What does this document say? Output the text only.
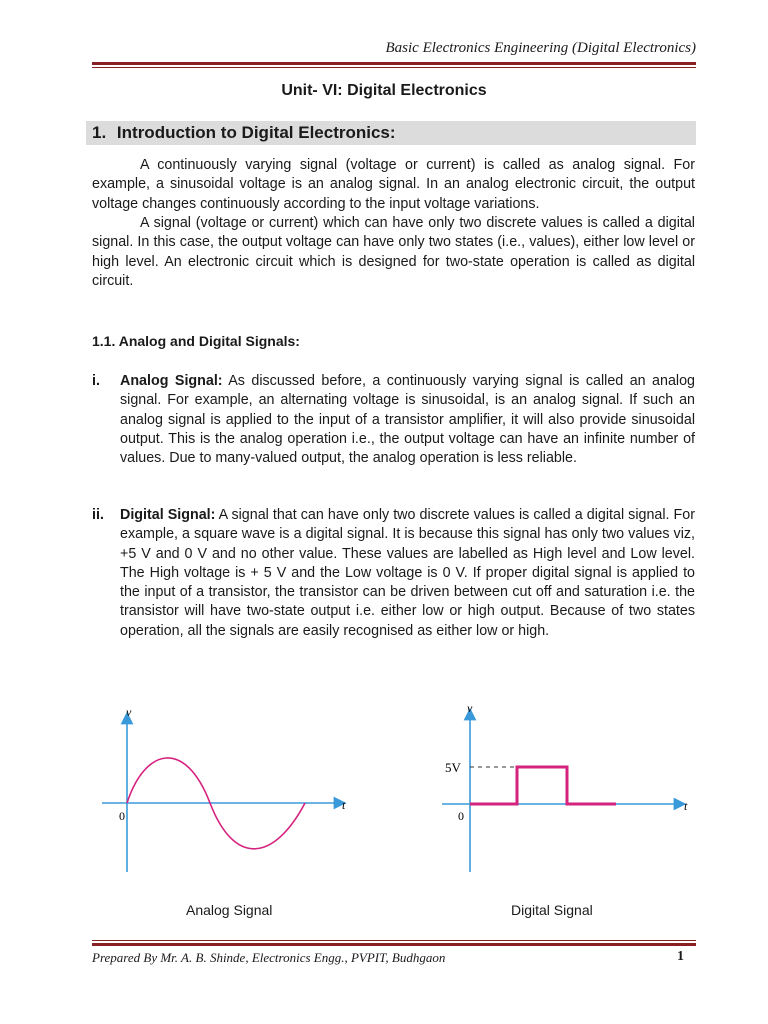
Basic Electronics Engineering (Digital Electronics)
Unit- VI: Digital Electronics
1. Introduction to Digital Electronics:

A continuously varying signal (voltage or current) is called as analog signal. For example, a sinusoidal voltage is an analog signal. In an analog electronic circuit, the output voltage changes continuously according to the input voltage variations.

A signal (voltage or current) which can have only two discrete values is called a digital signal. In this case, the output voltage can have only two states (i.e., values), either low level or high level. An electronic circuit which is designed for two-state operation is called as digital circuit.

1.1. Analog and Digital Signals:
i. Analog Signal: As discussed before, a continuously varying signal is called an analog signal. For example, an alternating voltage is sinusoidal, is an analog signal. If such an analog signal is applied to the input of a transistor amplifier, it will also provide sinusoidal output. This is the analog operation i.e., the output voltage can have an infinite number of values. Due to many-valued output, the analog operation is less reliable.

ii. Digital Signal: A signal that can have only two discrete values is called a digital signal. For example, a square wave is a digital signal. It is because this signal has only two values viz, +5 V and 0 V and no other value. These values are labelled as High level and Low level. The High voltage is + 5 V and the Low voltage is 0 V. If proper digital signal is applied to the input of a transistor, the transistor can be driven between cut off and saturation i.e. the transistor will have two-state output i.e. either low or high output. Because of two states operation, all the signals are easily recognised as either low or high.

v
t
0
v
t
0
5V
Analog Signal	Digital Signal
Prepared By Mr. A. B. Shinde, Electronics Engg., PVPIT, Budhgaon	1
